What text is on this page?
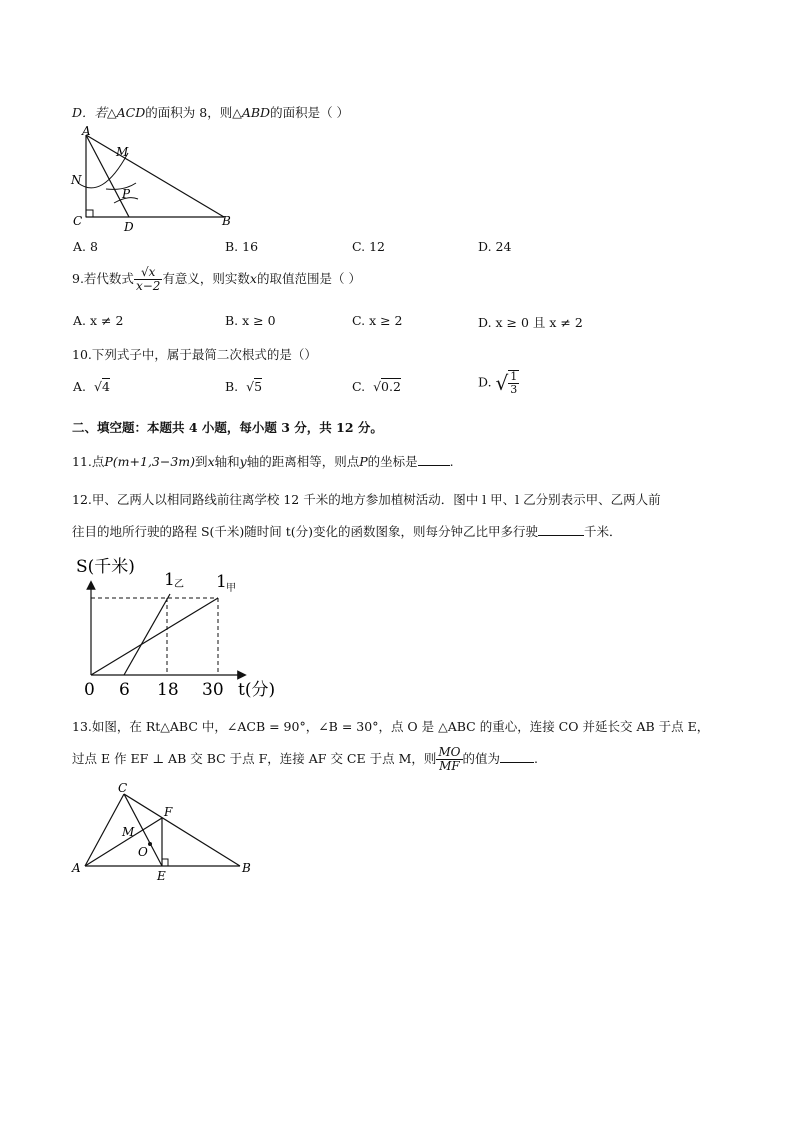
D．若△ACD的面积为 8，则△ABD的面积是（ ）
A
M
N
P
C	D	B
A. 8	B. 16	C. 12	D. 24
9.若代数式 $\frac{√x}{x-2}$ 有意义，则实数x的取值范围是（ ）
A. x ≠ 2	B. x ≥ 0	C. x ≥ 2	D. x ≥ 0 且 x ≠ 2
10.下列式子中，属于最简二次根式的是（）
A. √4	B. √5	C. √0.2	D. √ $\frac{1}{3}$
二、填空题：本题共 4 小题，每小题 3 分，共 12 分。
11.点P(m+1,3−3m)到x轴和y轴的距离相等，则点P的坐标是	.
12.甲、乙两人以相同路线前往离学校 12 千米的地方参加植树活动．图中 l 甲、l 乙分别表示甲、乙两人前
往目的地所行驶的路程 S(千米)随时间 t(分)变化的函数图象，则每分钟乙比甲多行驶	千米．
S(千米)
t(分)
1 乙 1 甲
0 6 18 30
13.如图，在 Rt△ABC 中，∠ACB = 90°，∠B = 30°，点 O 是 △ABC 的重心，连接 CO 并延长交 AB 于点 E，
过点 E 作 EF ⊥ AB 交 BC 于点 F，连接 AF 交 CE 于点 M，则 $\frac{MO}{MF}$ 的值为	.
C
F
M
O
A
E
B
